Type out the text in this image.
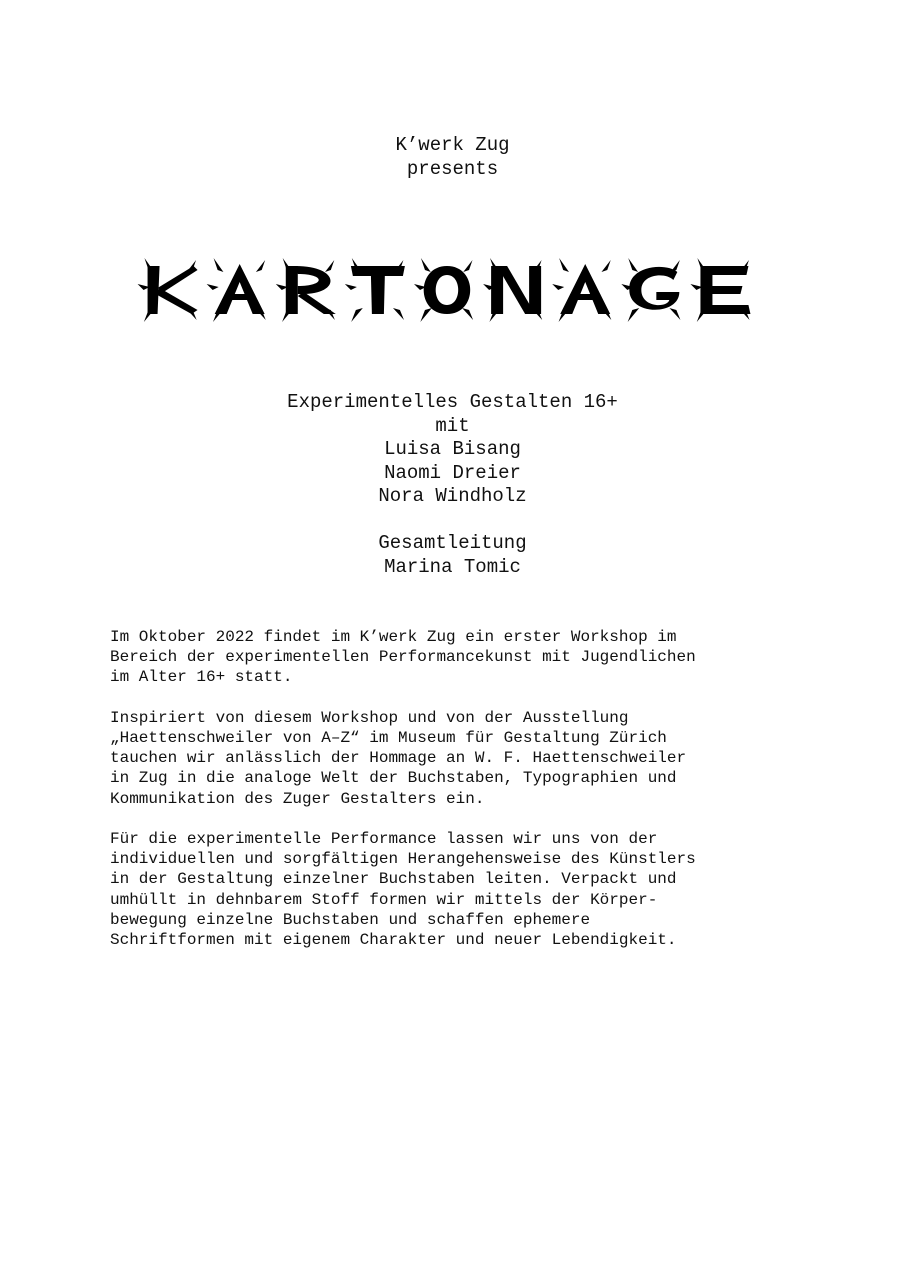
K’werk Zug
presents
Experimentelles Gestalten 16+
mit
Luisa Bisang
Naomi Dreier
Nora Windholz
Gesamtleitung
Marina Tomic

Im Oktober 2022 findet im K’werk Zug ein erster Workshop im
Bereich der experimentellen Performancekunst mit Jugendlichen
im Alter 16+ statt.

Inspiriert von diesem Workshop und von der Ausstellung
„Haettenschweiler von A–Z“ im Museum für Gestaltung Zürich
tauchen wir anlässlich der Hommage an W. F. Haettenschweiler
in Zug in die analoge Welt der Buchstaben, Typographien und
Kommunikation des Zuger Gestalters ein.

Für die experimentelle Performance lassen wir uns von der
individuellen und sorgfältigen Herangehensweise des Künstlers
in der Gestaltung einzelner Buchstaben leiten. Verpackt und
umhüllt in dehnbarem Stoff formen wir mittels der Körper-
bewegung einzelne Buchstaben und schaffen ephemere
Schriftformen mit eigenem Charakter und neuer Lebendigkeit.
